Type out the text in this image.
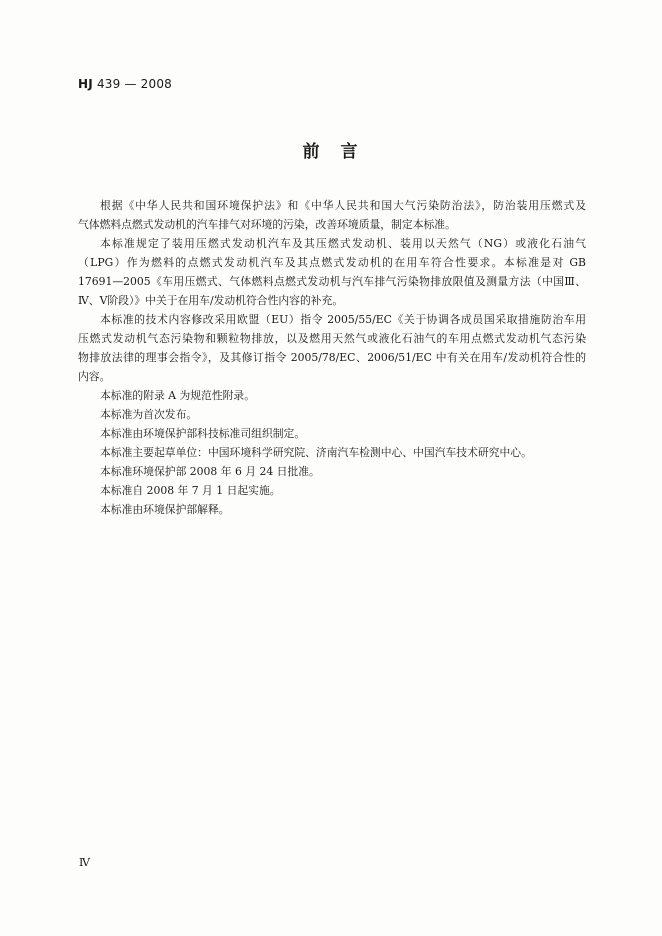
HJ 439 — 2008
前　言
根据《中华人民共和国环境保护法》和《中华人民共和国大气污染防治法》，防治装用压燃式及
气体燃料点燃式发动机的汽车排气对环境的污染，改善环境质量，制定本标准。
本标准规定了装用压燃式发动机汽车及其压燃式发动机、装用以天然气（NG）或液化石油气
（LPG）作为燃料的点燃式发动机汽车及其点燃式发动机的在用车符合性要求。本标准是对 GB
17691—2005《车用压燃式、气体燃料点燃式发动机与汽车排气污染物排放限值及测量方法（中国Ⅲ、
Ⅳ、Ⅴ阶段）》中关于在用车/发动机符合性内容的补充。
本标准的技术内容修改采用欧盟（EU）指令 2005/55/EC《关于协调各成员国采取措施防治车用
压燃式发动机气态污染物和颗粒物排放，以及燃用天然气或液化石油气的车用点燃式发动机气态污染
物排放法律的理事会指令》，及其修订指令 2005/78/EC、2006/51/EC 中有关在用车/发动机符合性的
内容。
本标准的附录 A 为规范性附录。
本标准为首次发布。
本标准由环境保护部科技标准司组织制定。
本标准主要起草单位：中国环境科学研究院、济南汽车检测中心、中国汽车技术研究中心。
本标准环境保护部 2008 年 6 月 24 日批准。
本标准自 2008 年 7 月 1 日起实施。
本标准由环境保护部解释。
Ⅳ
